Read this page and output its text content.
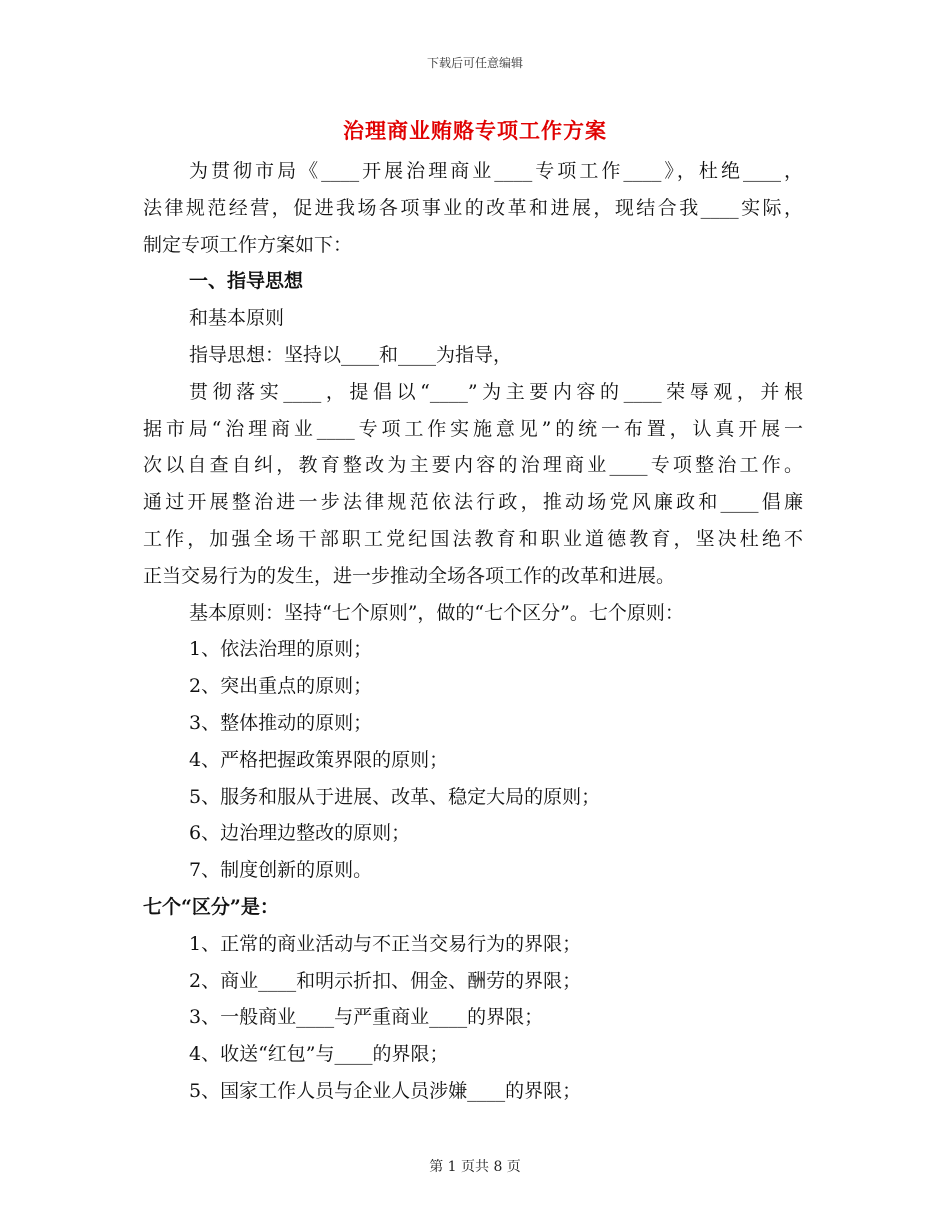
下载后可任意编辑
治理商业贿赂专项工作方案
为贯彻市局《____开展治理商业____专项工作____》，杜绝____，
法律规范经营，促进我场各项事业的改革和进展，现结合我____实际，
制定专项工作方案如下：
一、指导思想
和基本原则
指导思想：坚持以____和____为指导，
贯彻落实____，提倡以“____”为主要内容的____荣辱观，并根
据市局“治理商业____专项工作实施意见”的统一布置，认真开展一
次以自查自纠，教育整改为主要内容的治理商业____专项整治工作。
通过开展整治进一步法律规范依法行政，推动场党风廉政和____倡廉
工作，加强全场干部职工党纪国法教育和职业道德教育，坚决杜绝不
正当交易行为的发生，进一步推动全场各项工作的改革和进展。
基本原则：坚持“七个原则”，做的“七个区分”。七个原则：
1、依法治理的原则；
2、突出重点的原则；
3、整体推动的原则；
4、严格把握政策界限的原则；
5、服务和服从于进展、改革、稳定大局的原则；
6、边治理边整改的原则；
7、制度创新的原则。
七个“区分”是：
1、正常的商业活动与不正当交易行为的界限；
2、商业____和明示折扣、佣金、酬劳的界限；
3、一般商业____与严重商业____的界限；
4、收送“红包”与____的界限；
5、国家工作人员与企业人员涉嫌____的界限；
第 1 页共 8 页
